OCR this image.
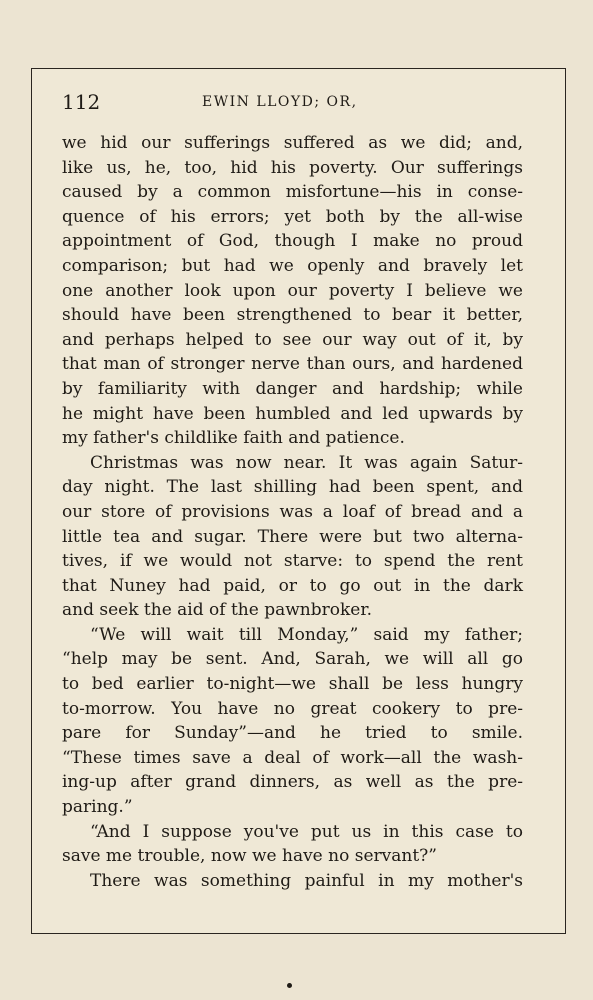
112	EWIN LLOYD; OR,
we hid our sufferings suffered as we did; and,
like us, he, too, hid his poverty. Our sufferings
caused by a common misfortune—his in conse-
quence of his errors; yet both by the all-wise
appointment of God, though I make no proud
comparison; but had we openly and bravely let
one another look upon our poverty I believe we
should have been strengthened to bear it better,
and perhaps helped to see our way out of it, by
that man of stronger nerve than ours, and hardened
by familiarity with danger and hardship; while
he might have been humbled and led upwards by
my father's childlike faith and patience.
Christmas was now near. It was again Satur-
day night. The last shilling had been spent, and
our store of provisions was a loaf of bread and a
little tea and sugar. There were but two alterna-
tives, if we would not starve: to spend the rent
that Nuney had paid, or to go out in the dark
and seek the aid of the pawnbroker.
“We will wait till Monday,” said my father;
“help may be sent. And, Sarah, we will all go
to bed earlier to-night—we shall be less hungry
to-morrow. You have no great cookery to pre-
pare for Sunday”—and he tried to smile.
“These times save a deal of work—all the wash-
ing-up after grand dinners, as well as the pre-
paring.”
“And I suppose you've put us in this case to
save me trouble, now we have no servant?”
There was something painful in my mother's
